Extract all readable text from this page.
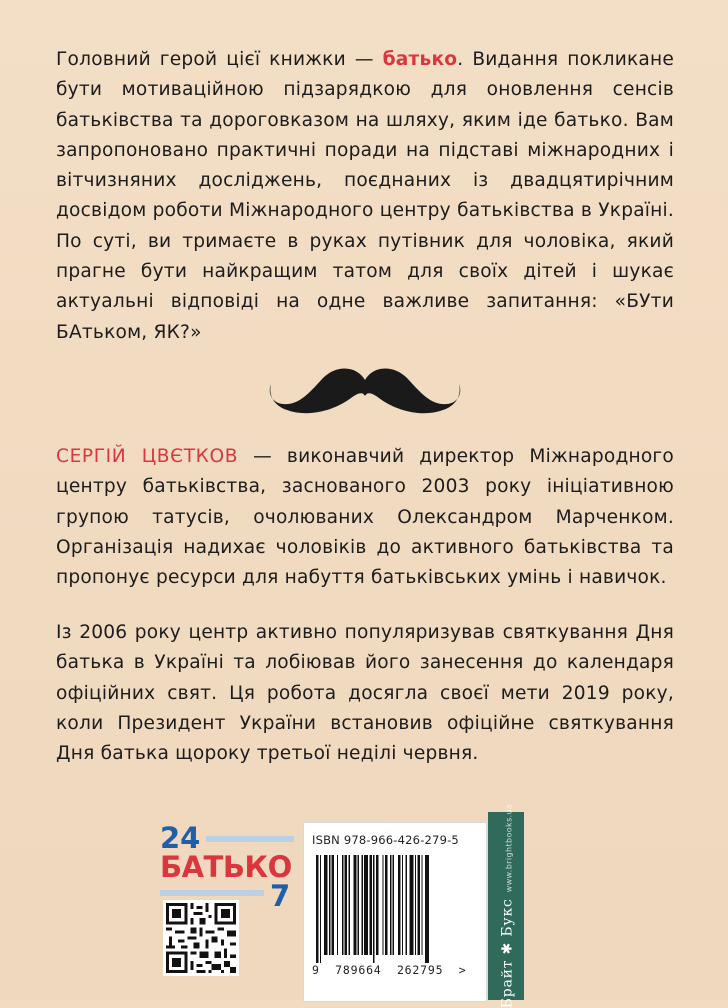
Головний герой цієї книжки — батько. Видання покликане бути мотиваційною підзарядкою для оновлення сенсів батьківства та дороговказом на шляху, яким іде батько. Вам запропоновано практичні поради на підставі міжнародних і вітчизняних досліджень, поєднаних із двадцятирічним досвідом роботи Міжнародного центру батьківства в Україні. По суті, ви тримаєте в руках путівник для чоловіка, який прагне бути найкращим татом для своїх дітей і шукає актуальні відповіді на одне важливе запитання: «БУти БАтьком, ЯК?»

СЕРГІЙ ЦВЄТКОВ — виконавчий директор Міжнародного центру батьківства, заснованого 2003 року ініціативною групою татусів, очолюваних Олександром Марченком. Організація надихає чоловіків до активного батьківства та пропонує ресурси для набуття батьківських умінь і навичок.

Із 2006 року центр активно популяризував святкування Дня батька в Україні та лобіював його занесення до календаря офіційних свят. Ця робота досягла своєї мети 2019 року, коли Президент України встановив офіційне святкування Дня батька щороку третьої неділі червня.

24
БАТЬКО
7
ISBN 978-966-426-279-5
9  789664  262795  > Брайт ✱ Буксwww.brightbooks.ua
